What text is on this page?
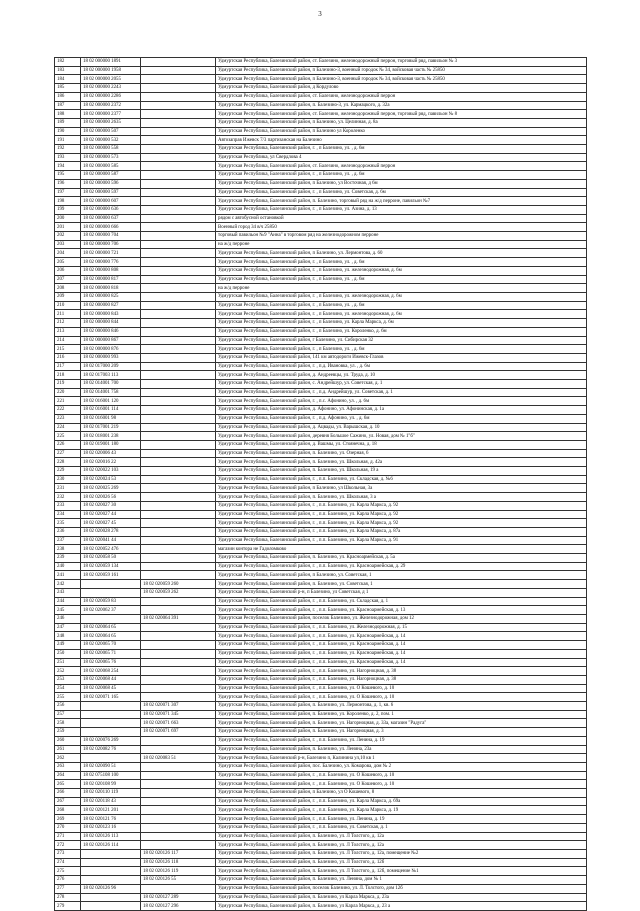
3
182	18 02 000000 1891		Удмуртская Республика, Балезинский район, ст. Балезино, железнодорожный перрон, торговый ряд, павильон № 3
183	18 02 000000 1958		Удмуртская Республика, Балезинский район, п Балезино-3, военный городок № 34, войсковая часть № 25850
184	18 02 000000 2055		Удмуртская Республика, Балезинский район, п Балезино-3, военный городок № 34, войсковая часть № 25850
185	18 02 000000 2243		Удмуртская Республика, Балезинский район, д Кордулово
186	18 02 000000 2286		Удмуртская Республика, Балезинский район, ст. Балезино, железнодорожный перрон
187	18 02 000000 2372		Удмуртская Республика, Балезинский район, п. Балезино-3, ул. Кармацкого, д. 32а
188	18 02 000000 2377		Удмуртская Республика, Балезинский район, ст. Балезино, железнодорожный перрон, торговый ряд, павильон № 8
189	18 02 000000 2635		Удмуртская Республика, Балезинский район, п Балезино, ул. Целинная, д. 8а
190	18 02 000000 507		Удмуртская Республика, Балезинский район, п Балезино ул Короленко
191	18 02 000000 532		Автозаправ Ижевск 7/3 партизанская на Балезино
192	18 02 000000 558		Удмуртская Республика, Балезинский район, г. , п Балезино, ул. , д. 6м
193	18 02 000000 573		Удмуртская Республика, ул Свердлова 4
194	18 02 000000 585		Удмуртская Республика, Балезинский район, ст. Балезино, железнодорожный перрон
195	18 02 000000 587		Удмуртская Республика, Балезинский район, г. , п Балезино, ул. , д. 6м
196	18 02 000000 596		Удмуртская Республика, Балезинский район, п Балезино, ул Восточная, д 6м
197	18 02 000000 597		Удмуртская Республика, Балезинский район, г. , п Балезино, ул. Советская, д. 6м
198	18 02 000000 607		Удмуртская Республика, Балезинский район, п. Балезино, торговый ряд на ж/д перроне, павильон №7
199	18 02 000000 636		Удмуртская Республика, Балезинский район, г. , п Балезино, ул. Азина, д. 13
200	18 02 000000 637		рядом с автобусной остановкой
201	18 02 000000 666		Военный город 34 в/ч 25850
202	18 02 000000 704		торговый павильон №9 "Анна" в торговом ряд на железнодорожном перроне
203	18 02 000000 706		на ж/д перроне
204	18 02 000000 721		Удмуртская Республика, Балезинский район, п Балезино, ул. Лермонтова, д. 60
205	18 02 000000 776		Удмуртская Республика, Балезинский район, г. , п Балезино, ул. , д. 6м
206	18 02 000000 808		Удмуртская Республика, Балезинский район, г. , п Балезино, ул. железнодорожная, д. 6м
207	18 02 000000 817		Удмуртская Республика, Балезинский район, г. , п Балезино, ул. , д. 6м
208	18 02 000000 818		на ж/д перроне
209	18 02 000000 825		Удмуртская Республика, Балезинский район, г. , п Балезино, ул. железнодорожная, д. 6м
210	18 02 000000 827		Удмуртская Республика, Балезинский район, г. , п Балезино, ул. , д. 6м
211	18 02 000000 843		Удмуртская Республика, Балезинский район, г. , п Балезино, ул. железнодорожная, д. 6м
212	18 02 000000 844		Удмуртская Республика, Балезинский район, г. , п Балезино, ул. Карла Маркса, д. 6м
213	18 02 000000 846		Удмуртская Республика, Балезинский район, г. , п Балезино, ул. Короленко, д. 6м
214	18 02 000000 867		Удмуртская Республика, Балезинский район, г Балезино, ул. Сибирская 32
215	18 02 000000 876		Удмуртская Республика, Балезинский район, г. , п Балезино, ул. , д. 6м
216	18 02 000000 993		Удмуртская Республика, Балезинский район, 141 км автодороги Ижевск-Глазов
217	18 02 017000 209		Удмуртская Республика, Балезинский район, г. , п.д. Ивановка, ул. , д. 6м
218	18 02 017003 113		Удмуртская Республика, Балезинский район, д. Андреевцы, ул. Труда, д. 10
219	18 02 014001 700		Удмуртская Республика, Балезинский район, с. Андрейшур, ул. Советская, д. 1
220	18 02 014001 758		Удмуртская Республика, Балезинский район, г. , п.д. Андрейшур, ул. Советская, д. 1
221	18 02 016001 120		Удмуртская Республика, Балезинский район, г. , п.с. Афонино, ул. , д. 6м
222	18 02 016001 114		Удмуртская Республика, Балезинский район, д. Афонино, ул. Афонинская, д. 1а
223	18 02 016001 98		Удмуртская Республика, Балезинский район, г. , п.д. Афонино, ул. , д. 6м
224	18 02 017001 219		Удмуртская Республика, Балезинский район, д. Ацвады, ул. Варышская, д. 10
225	18 02 018001 238		Удмуртская Республика, Балезинский район, деревня Большое Сажино, ул. Новая, дом № 1"б"
226	18 02 019001 180		Удмуртская Республика, Балезинский район, д. Вашмы, ул. Стоянечна, д. 18
227	18 02 020006 43		Удмуртская Республика, Балезинский район, п. Балезино, ул. Озерная, 6
228	18 02 020016 22		Удмуртская Республика, Балезинский район, п. Балезино, ул. Школьная, д. 42а
229	18 02 020022 103		Удмуртская Республика, Балезинский район, п. Балезино, ул. Школьная, 19 а
230	18 02 020024 53		Удмуртская Республика, Балезинский район, г. , п.п. Балезино, ул. Складская, д. №6
231	18 02 020025 269		Удмуртская Республика, Балезинский район, п Балезино, ул Школьная, 3а
232	18 02 020026 56		Удмуртская Республика, Балезинский район, п. Балезино, ул. Школьная, 3 а
233	18 02 020027 30		Удмуртская Республика, Балезинский район, г. , п.п. Балезино, ул. Карла Маркса, д. 92
234	18 02 020027 44		Удмуртская Республика, Балезинский район, г. , п.п. Балезино, ул. Карла Маркса, д. 92
235	18 02 020027 45		Удмуртская Республика, Балезинский район, г. , п.п. Балезино, ул. Карла Маркса, д. 92
236	18 02 020028 278		Удмуртская Республика, Балезинский район, г. , п.п. Балезино, ул. Карла Маркса, д. 87а
237	18 02 020041 44		Удмуртская Республика, Балезинский район, г. , п.п. Балезино, ул. Карла Маркса, д. 91
238	18 02 020052 476		магазин контора не Гадоломково
239	18 02 020058 50		Удмуртская Республика, Балезинский район, п. Балезино, ул. Красноармейская, д. 5а
240	18 02 020059 134		Удмуртская Республика, Балезинский район, г. , п.п. Балезино, ул. Красноармейская, д. 29
241	18 02 020059 161		Удмуртская Республика, Балезинский район, п Балезино, ул. Советская, 1
242		18 02 020059 260	Удмуртская Республика, Балезинский район, п. Балезино, ул. Советская, 1
243		18 02 020059 262	Удмуртская Республика, Балезинский р-н, п Балезино, ул Советская, д 1
244	18 02 020059 83		Удмуртская Республика, Балезинский район, г. , п.п. Балезино, ул. Складская, д. 1
245	18 02 020062 37		Удмуртская Республика, Балезинский район, г. , п.п. Балезино, ул. Красноармейская, д. 13
246		18 02 020064 391	Удмуртская Республика, Балезинский район, поселок Балезино, ул. Железнодорожная, дом 12
247	18 02 020064 65		Удмуртская Республика, Балезинский район, г. , п.п. Балезино, ул. Железнодорожная, д. 15
248	18 02 020064 65		Удмуртская Республика, Балезинский район, г. , п.п. Балезино, ул. Красноармейская, д. 14
249	18 02 020065 70		Удмуртская Республика, Балезинский район, г. , п.п. Балезино, ул. Красноармейская, д. 14
250	18 02 020065 71		Удмуртская Республика, Балезинский район, г. , п.п. Балезино, ул. Красноармейская, д. 14
251	18 02 020065 76		Удмуртская Республика, Балезинский район, г. , п.п. Балезино, ул. Красноармейская, д. 14
252	18 02 020068 254		Удмуртская Республика, Балезинский район, г. , п.п. Балезино, ул. Нагорноцная, д. 38
253	18 02 020068 44		Удмуртская Республика, Балезинский район, г. , п.п. Балезино, ул. Нагорноцная, д. 38
254	18 02 020068 45		Удмуртская Республика, Балезинский район, г. , п.п. Балезино, ул. О Кошевого, д. 10
255	18 02 020071 165		Удмуртская Республика, Балезинский район, г. , п.п. Балезино, ул. О Кошевого, д. 10
256		18 02 020071 307	Удмуртская Республика, Балезинский район, п. Балезино, ул. Лермонтова, д. 1, кв. 6
257		18 02 020071 345	Удмуртская Республика, Балезинский район, п. Балезино, ул. Короленко, д. 2, пом. 1
258		18 02 020071 663	Удмуртская Республика, Балезинский район, п. Балезино, ул. Нагорноцная, д. 33а, магазин "Радуга"
259		18 02 020071 697	Удмуртская Республика, Балезинский район, п. Балезино, ул. Нагорноцная, д. 3
260	18 02 020076 269		Удмуртская Республика, Балезинский район, г. , п.п. Балезино, ул. Ленина, д. 19
261	18 02 020082 76		Удмуртская Республика, Балезинский район, п. Балезино, ул. Ленина, 23а
262		18 02 020083 51	Удмуртская Республика, Балезинский р-н, Балезино п, Калинина ул,10 кв 1
263	18 02 020090 51		Удмуртская Республика, Балезинский район, пос. Балезино, ул. Комарова, дом № 2
264	18 02 075108 100		Удмуртская Республика, Балезинский район, г. , п.п. Балезино, ул. О Кошевого, д. 10
265	18 02 020108 99		Удмуртская Республика, Балезинский район, г. , п.п. Балезино, ул. О Кошевого, д. 10
266	18 02 020110 119		Удмуртская Республика, Балезинский район, п Балезино, ул О Кошевого, 8
267	18 02 020118 43		Удмуртская Республика, Балезинский район, г. , п.п. Балезино, ул. Карла Маркса, д. 69а
268	18 02 020121 201		Удмуртская Республика, Балезинский район, г. , п.п. Балезино, ул. Карла Маркса, д. 19
269	18 02 020121 76		Удмуртская Республика, Балезинский район, г. , п.п. Балезино, ул. Ленина, д. 19
270	18 02 020123 16		Удмуртская Республика, Балезинский район, г. , п.п. Балезино, ул. Советская, д. 1
271	18 02 020126 113		Удмуртская Республика, Балезинский район, п. Балезино, ул. Л Толстого, д. 12а
272	18 02 020126 114		Удмуртская Республика, Балезинский район, п. Балезино, ул. Л Толстого, д. 12а
273		18 02 020126 117	Удмуртская Республика, Балезинский район, п. Балезино, ул. Л Толстого, д. 12а, помещение №2
274		18 02 020126 118	Удмуртская Республика, Балезинский район, п. Балезино, ул. Л Толстого, д. 12б
275		18 02 020126 119	Удмуртская Республика, Балезинский район, п. Балезино, ул. Л Толстого, д. 12б, помещение №1
276		18 02 020126 55	Удмуртская Республика, Балезинский район, п. Балезино, ул. Ленина, дом № 1
277	18 02 020126 96		Удмуртская Республика, Балезинский район, поселок Балезино, ул. Л. Толстого, дом 12б
278		18 02 020127 289	Удмуртская Республика, Балезинский район, п. Балезино, ул Карла Маркса, д. 23а
279		18 02 020127 296	Удмуртская Республика, Балезинский район, п. Балезино, ул Карла Маркса, д. 23 а
